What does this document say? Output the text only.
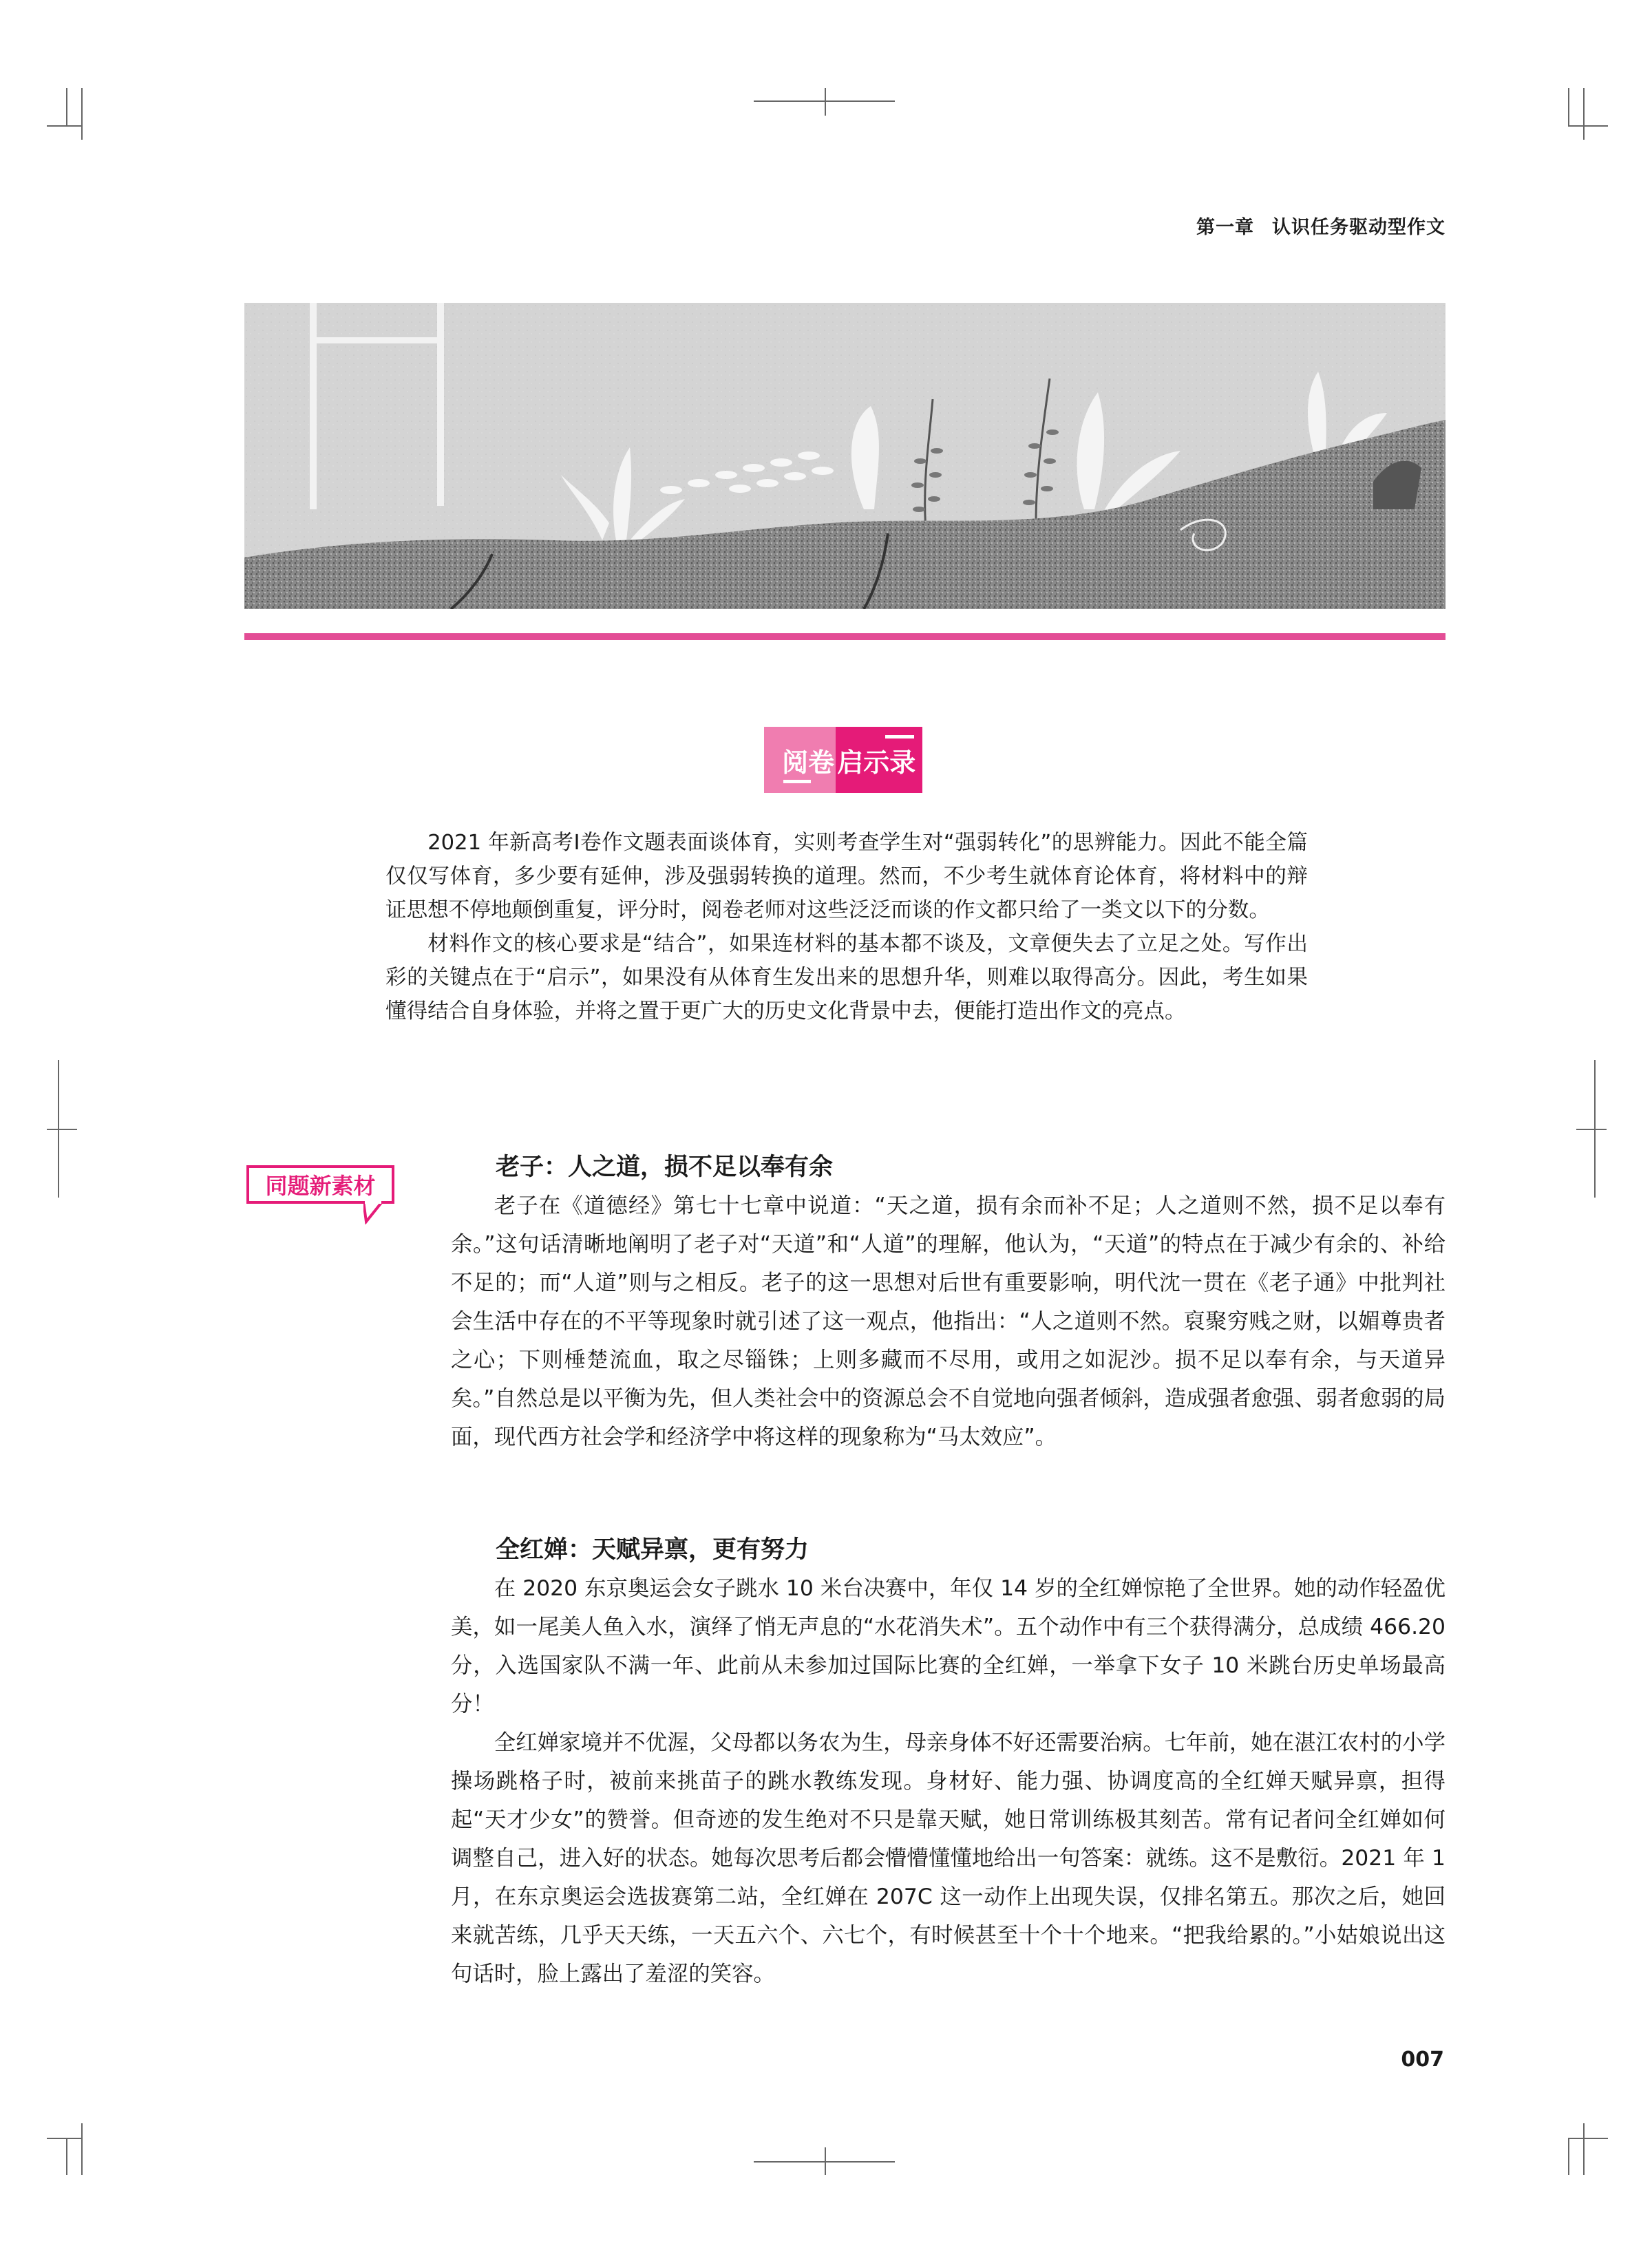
第一章 认识任务驱动型作文
阅卷 启示录

2021 年新高考Ⅰ卷作文题表面谈体育，实则考查学生对“强弱转化”的思辨能力。因此不能全篇仅仅写体育，多少要有延伸，涉及强弱转换的道理。然而，不少考生就体育论体育，将材料中的辩证思想不停地颠倒重复，评分时，阅卷老师对这些泛泛而谈的作文都只给了一类文以下的分数。

材料作文的核心要求是“结合”，如果连材料的基本都不谈及，文章便失去了立足之处。写作出彩的关键点在于“启示”，如果没有从体育生发出来的思想升华，则难以取得高分。因此，考生如果懂得结合自身体验，并将之置于更广大的历史文化背景中去，便能打造出作文的亮点。

同题新素材
老子：人之道，损不足以奉有余

老子在《道德经》第七十七章中说道：“天之道，损有余而补不足；人之道则不然，损不足以奉有余。”这句话清晰地阐明了老子对“天道”和“人道”的理解，他认为，“天道”的特点在于减少有余的、补给不足的；而“人道”则与之相反。老子的这一思想对后世有重要影响，明代沈一贯在《老子通》中批判社会生活中存在的不平等现象时就引述了这一观点，他指出：“人之道则不然。裒聚穷贱之财，以媚尊贵者之心；下则棰楚流血，取之尽锱铢；上则多藏而不尽用，或用之如泥沙。损不足以奉有余，与天道异矣。”自然总是以平衡为先，但人类社会中的资源总会不自觉地向强者倾斜，造成强者愈强、弱者愈弱的局面，现代西方社会学和经济学中将这样的现象称为“马太效应”。

全红婵：天赋异禀，更有努力

在 2020 东京奥运会女子跳水 10 米台决赛中，年仅 14 岁的全红婵惊艳了全世界。她的动作轻盈优美，如一尾美人鱼入水，演绎了悄无声息的“水花消失术”。五个动作中有三个获得满分，总成绩 466.20分，入选国家队不满一年、此前从未参加过国际比赛的全红婵，一举拿下女子 10 米跳台历史单场最高分！

全红婵家境并不优渥，父母都以务农为生，母亲身体不好还需要治病。七年前，她在湛江农村的小学操场跳格子时，被前来挑苗子的跳水教练发现。身材好、能力强、协调度高的全红婵天赋异禀，担得起“天才少女”的赞誉。但奇迹的发生绝对不只是靠天赋，她日常训练极其刻苦。常有记者问全红婵如何调整自己，进入好的状态。她每次思考后都会懵懵懂懂地给出一句答案：就练。这不是敷衍。2021 年 1 月，在东京奥运会选拔赛第二站，全红婵在 207C 这一动作上出现失误，仅排名第五。那次之后，她回来就苦练，几乎天天练，一天五六个、六七个，有时候甚至十个十个地来。“把我给累的。”小姑娘说出这句话时，脸上露出了羞涩的笑容。

007
